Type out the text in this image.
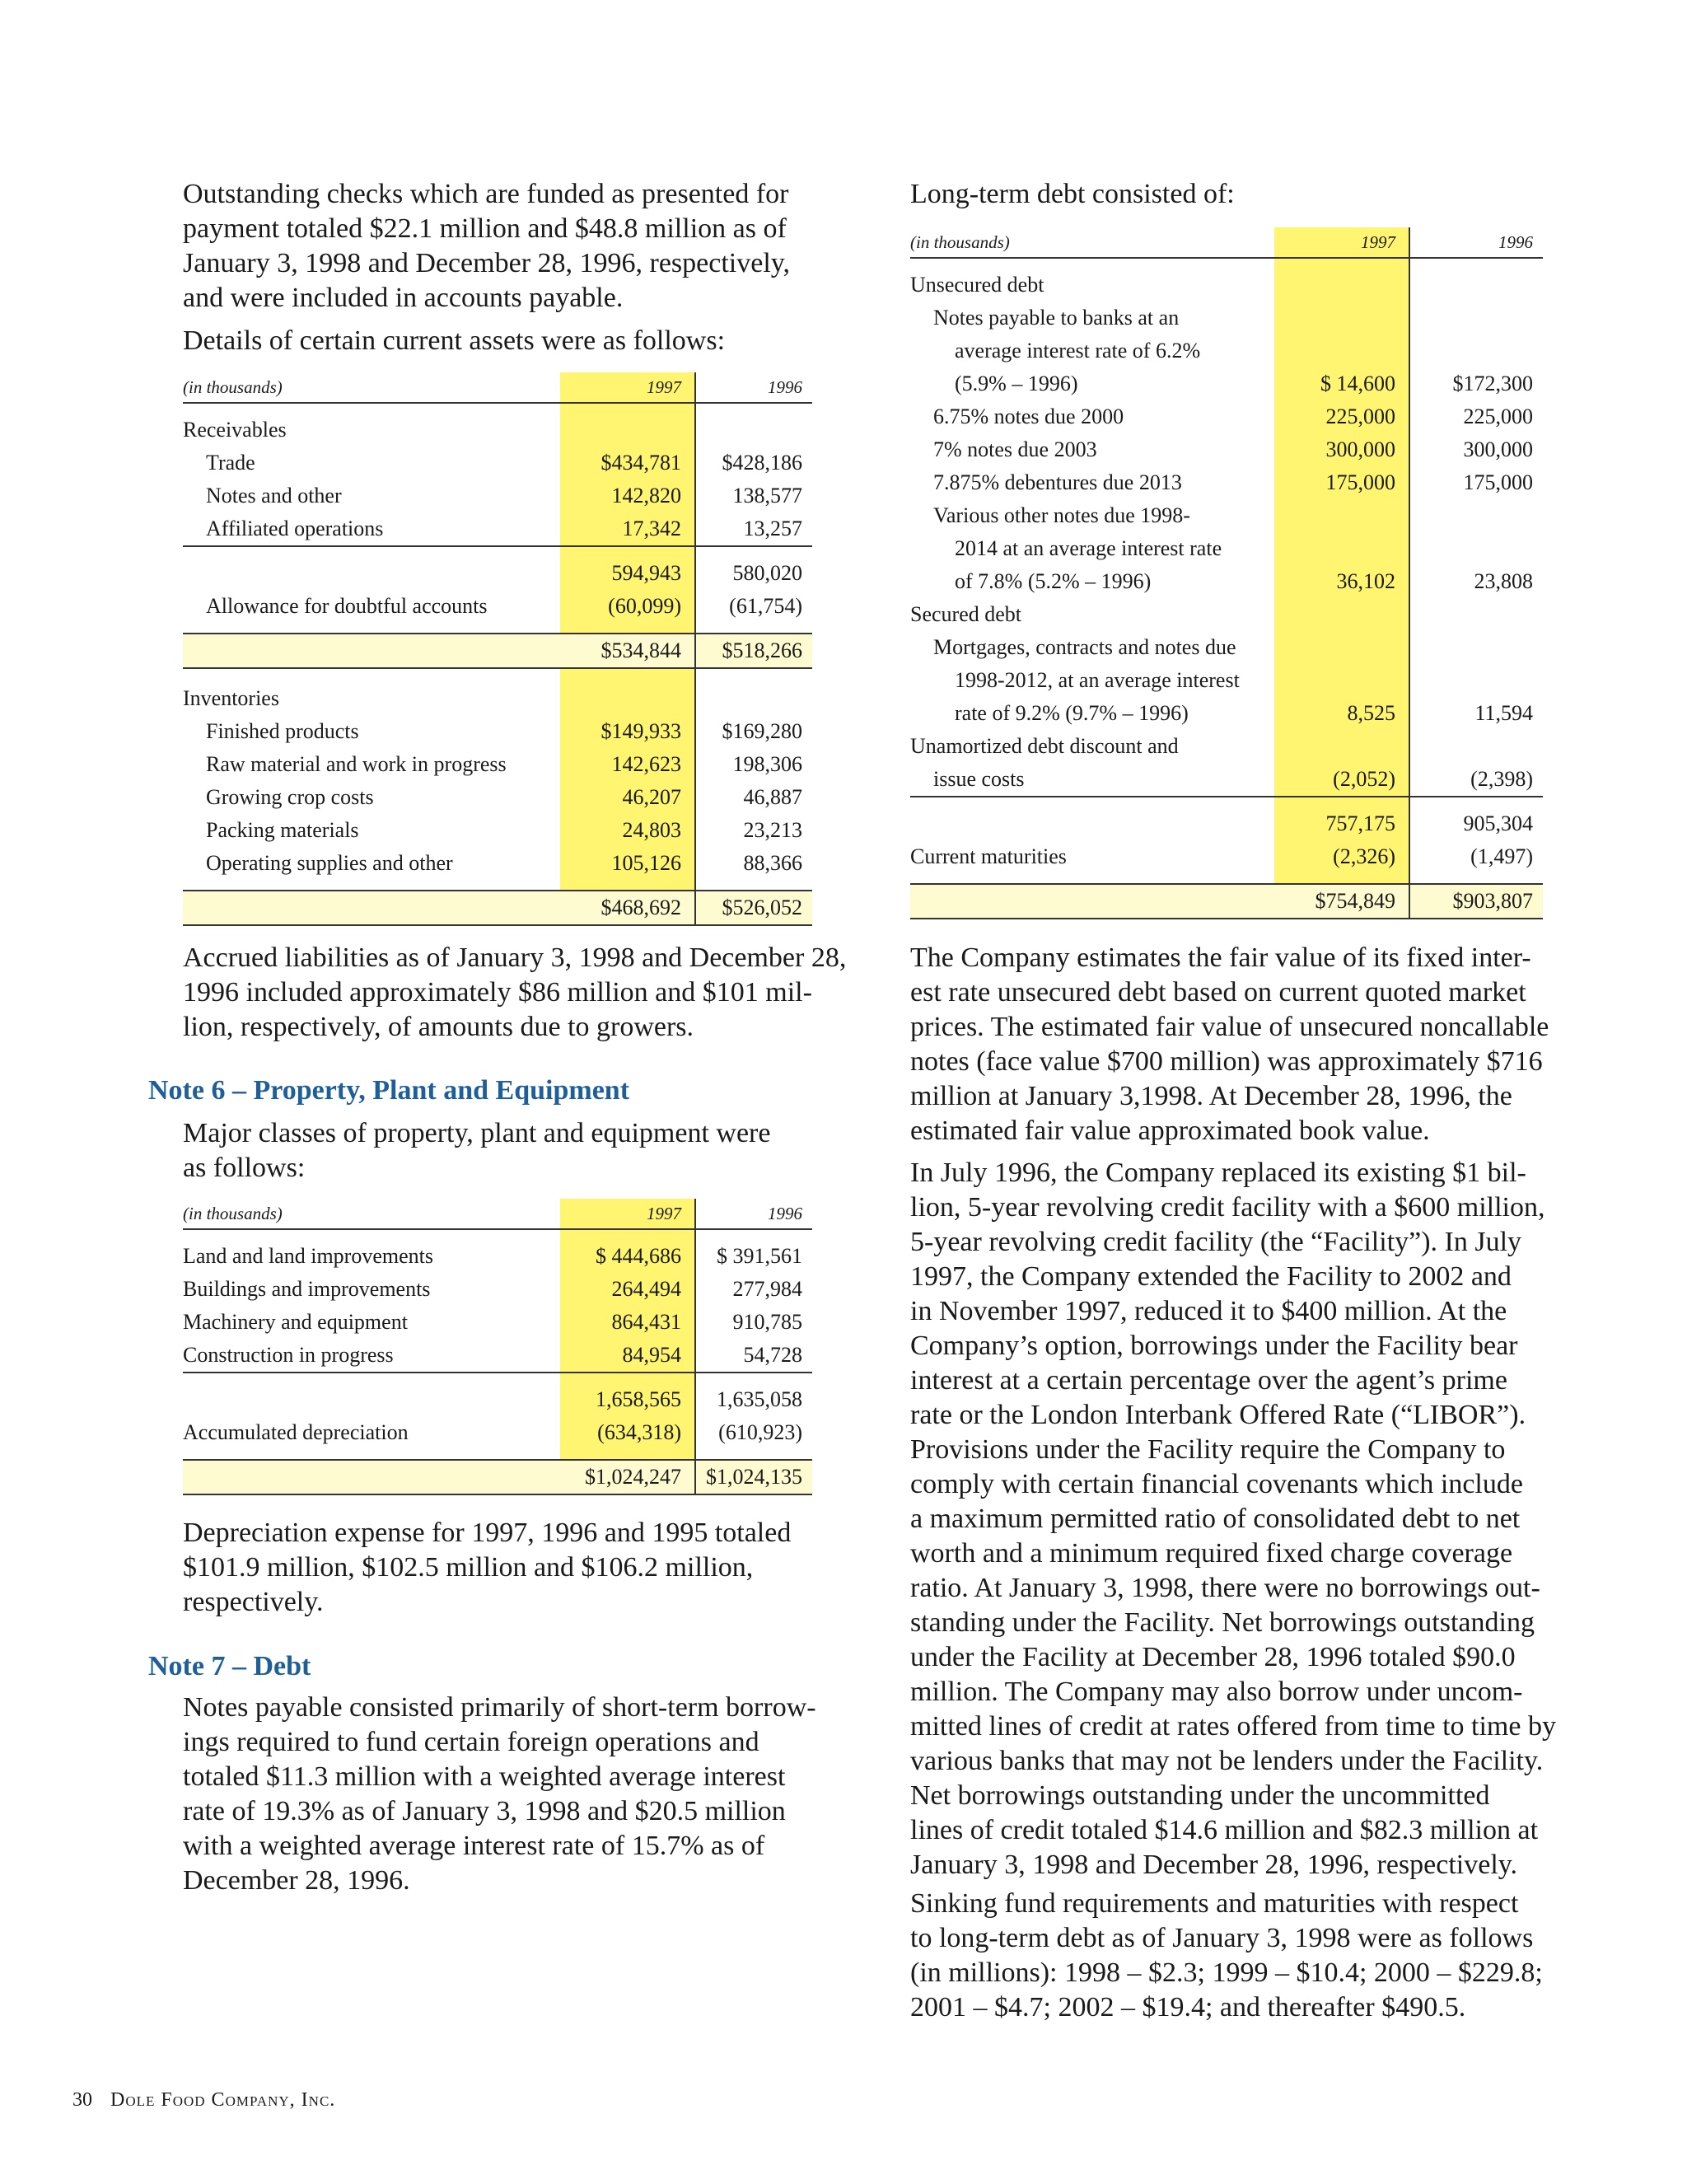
Outstanding checks which are funded as presented for
payment totaled $22.1 million and $48.8 million as of
January 3, 1998 and December 28, 1996, respectively,
and were included in accounts payable.

Details of certain current assets were as follows:

(in thousands)	1997	1996

Receivables		
Trade	$434,781	$428,186
Notes and other	142,820	138,577
Affiliated operations	17,342	13,257

	594,943	580,020
Allowance for doubtful accounts	(60,099)	(61,754)

	$534,844	$518,266

Inventories		
Finished products	$149,933	$169,280
Raw material and work in progress	142,623	198,306
Growing crop costs	46,207	46,887
Packing materials	24,803	23,213
Operating supplies and other	105,126	88,366

	$468,692	$526,052

Accrued liabilities as of January 3, 1998 and December 28,
1996 included approximately $86 million and $101 mil-
lion, respectively, of amounts due to growers.

Note 6 – Property, Plant and Equipment

Major classes of property, plant and equipment were
as follows:

(in thousands)	1997	1996

Land and land improvements	$ 444,686	$ 391,561
Buildings and improvements	264,494	277,984
Machinery and equipment	864,431	910,785
Construction in progress	84,954	54,728

	1,658,565	1,635,058
Accumulated depreciation	(634,318)	(610,923)

	$1,024,247	$1,024,135

Depreciation expense for 1997, 1996 and 1995 totaled
$101.9 million, $102.5 million and $106.2 million,
respectively.

Note 7 – Debt

Notes payable consisted primarily of short-term borrow-
ings required to fund certain foreign operations and
totaled $11.3 million with a weighted average interest
rate of 19.3% as of January 3, 1998 and $20.5 million
with a weighted average interest rate of 15.7% as of
December 28, 1996.

Long-term debt consisted of:

(in thousands)	1997	1996

Unsecured debt		
Notes payable to banks at an		
average interest rate of 6.2%		
(5.9% – 1996)	$ 14,600	$172,300
6.75% notes due 2000	225,000	225,000
7% notes due 2003	300,000	300,000
7.875% debentures due 2013	175,000	175,000
Various other notes due 1998-		
2014 at an average interest rate		
of 7.8% (5.2% – 1996)	36,102	23,808
Secured debt		
Mortgages, contracts and notes due		
1998-2012, at an average interest		
rate of 9.2% (9.7% – 1996)	8,525	11,594
Unamortized debt discount and		
issue costs	(2,052)	(2,398)

	757,175	905,304
Current maturities	(2,326)	(1,497)

	$754,849	$903,807

The Company estimates the fair value of its fixed inter-
est rate unsecured debt based on current quoted market
prices. The estimated fair value of unsecured noncallable
notes (face value $700 million) was approximately $716
million at January 3,1998. At December 28, 1996, the
estimated fair value approximated book value.

In July 1996, the Company replaced its existing $1 bil-
lion, 5-year revolving credit facility with a $600 million,
5-year revolving credit facility (the “Facility”). In July
1997, the Company extended the Facility to 2002 and
in November 1997, reduced it to $400 million. At the
Company’s option, borrowings under the Facility bear
interest at a certain percentage over the agent’s prime
rate or the London Interbank Offered Rate (“LIBOR”).
Provisions under the Facility require the Company to
comply with certain financial covenants which include
a maximum permitted ratio of consolidated debt to net
worth and a minimum required fixed charge coverage
ratio. At January 3, 1998, there were no borrowings out-
standing under the Facility. Net borrowings outstanding
under the Facility at December 28, 1996 totaled $90.0
million. The Company may also borrow under uncom-
mitted lines of credit at rates offered from time to time by
various banks that may not be lenders under the Facility.
Net borrowings outstanding under the uncommitted
lines of credit totaled $14.6 million and $82.3 million at
January 3, 1998 and December 28, 1996, respectively.

Sinking fund requirements and maturities with respect
to long-term debt as of January 3, 1998 were as follows
(in millions): 1998 – $2.3; 1999 – $10.4; 2000 – $229.8;
2001 – $4.7; 2002 – $19.4; and thereafter $490.5.

30 Dole Food Company, Inc.
